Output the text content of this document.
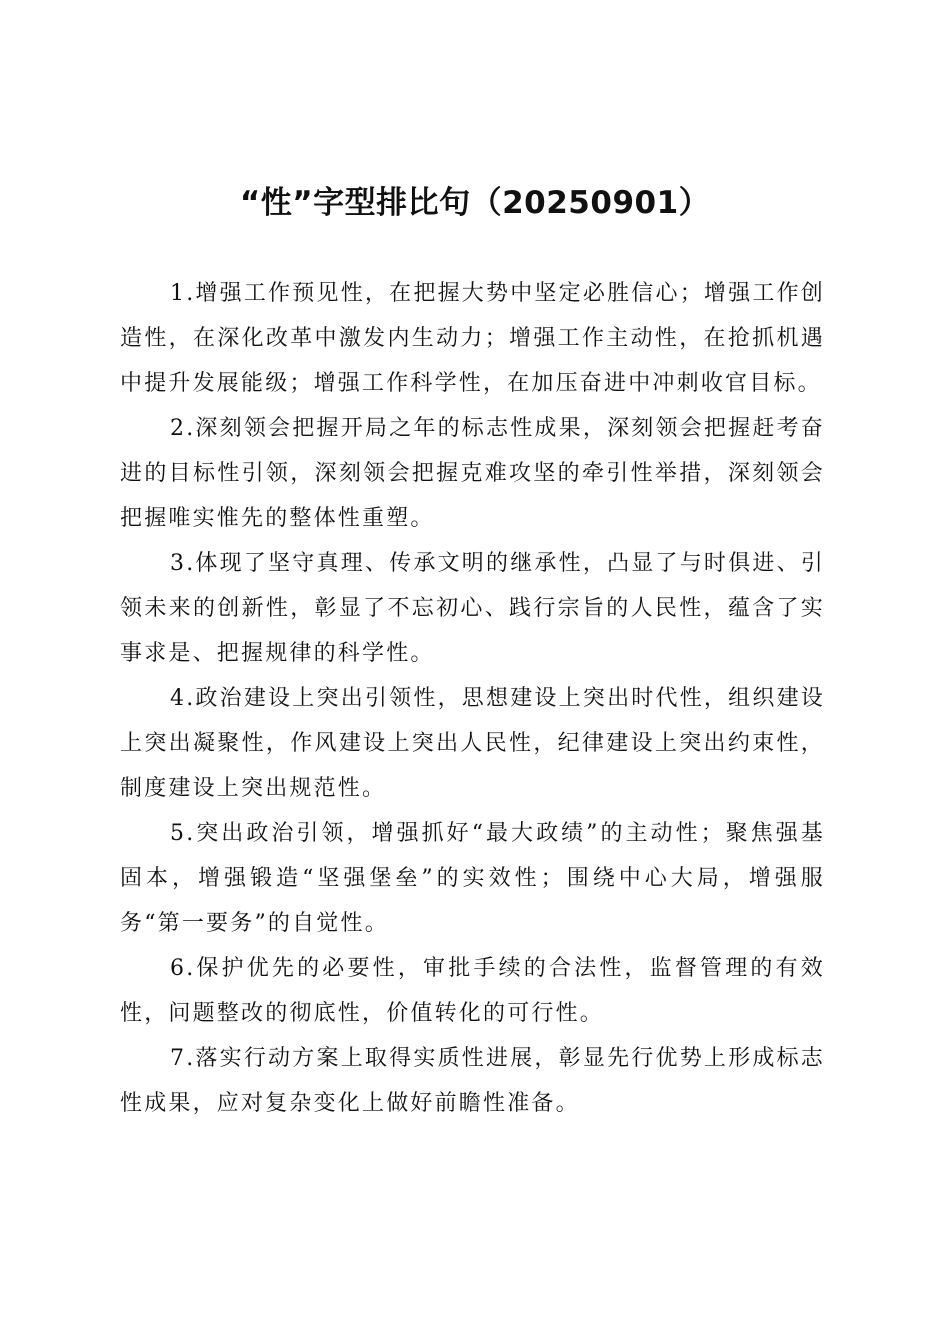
“性”字型排比句（20250901）

1.增强工作预见性，在把握大势中坚定必胜信心；增强工作创造性，在深化改革中激发内生动力；增强工作主动性，在抢抓机遇中提升发展能级；增强工作科学性，在加压奋进中冲刺收官目标。

2.深刻领会把握开局之年的标志性成果，深刻领会把握赶考奋进的目标性引领，深刻领会把握克难攻坚的牵引性举措，深刻领会把握唯实惟先的整体性重塑。

3.体现了坚守真理、传承文明的继承性，凸显了与时俱进、引领未来的创新性，彰显了不忘初心、践行宗旨的人民性，蕴含了实事求是、把握规律的科学性。

4.政治建设上突出引领性，思想建设上突出时代性，组织建设上突出凝聚性，作风建设上突出人民性，纪律建设上突出约束性，制度建设上突出规范性。

5.突出政治引领，增强抓好“最大政绩”的主动性；聚焦强基固本，增强锻造“坚强堡垒”的实效性；围绕中心大局，增强服务“第一要务”的自觉性。

6.保护优先的必要性，审批手续的合法性，监督管理的有效性，问题整改的彻底性，价值转化的可行性。

7.落实行动方案上取得实质性进展，彰显先行优势上形成标志性成果，应对复杂变化上做好前瞻性准备。
